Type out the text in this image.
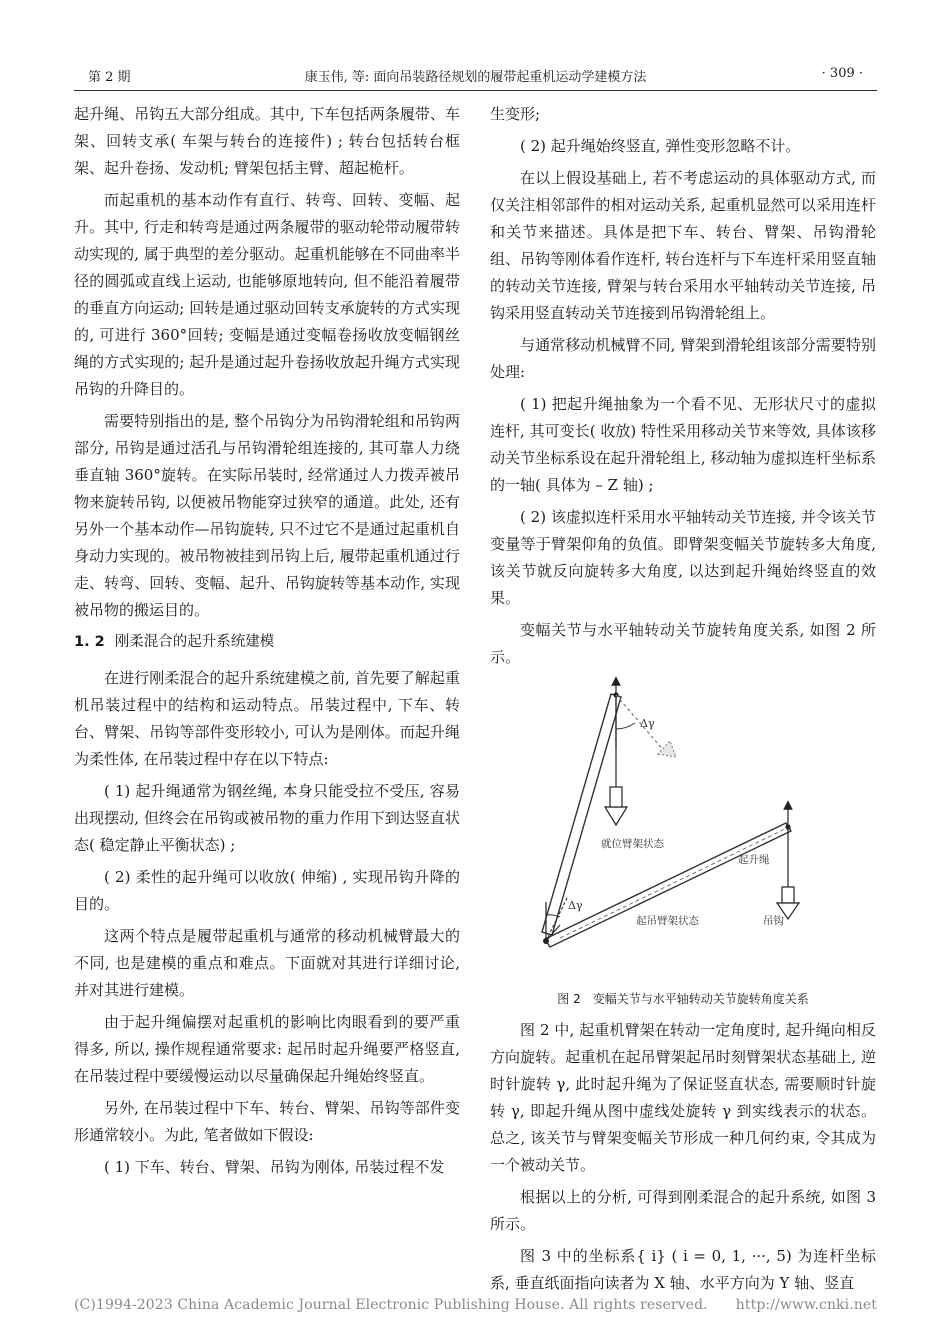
第 2 期	康玉伟, 等: 面向吊装路径规划的履带起重机运动学建模方法	· 309 ·

起升绳、吊钩五大部分组成。其中, 下车包括两条履带、车架、回转支承( 车架与转台的连接件) ; 转台包括转台框架、起升卷扬、发动机; 臂架包括主臂、超起桅杆。

而起重机的基本动作有直行、转弯、回转、变幅、起升。其中, 行走和转弯是通过两条履带的驱动轮带动履带转动实现的, 属于典型的差分驱动。起重机能够在不同曲率半径的圆弧或直线上运动, 也能够原地转向, 但不能沿着履带的垂直方向运动; 回转是通过驱动回转支承旋转的方式实现的, 可进行 360°回转; 变幅是通过变幅卷扬收放变幅钢丝绳的方式实现的; 起升是通过起升卷扬收放起升绳方式实现吊钩的升降目的。

需要特别指出的是, 整个吊钩分为吊钩滑轮组和吊钩两部分, 吊钩是通过活孔与吊钩滑轮组连接的, 其可靠人力绕垂直轴 360°旋转。在实际吊装时, 经常通过人力拨弄被吊物来旋转吊钩, 以便被吊物能穿过狭窄的通道。此处, 还有另外一个基本动作—吊钩旋转, 只不过它不是通过起重机自身动力实现的。被吊物被挂到吊钩上后, 履带起重机通过行走、转弯、回转、变幅、起升、吊钩旋转等基本动作, 实现被吊物的搬运目的。

1. 2 刚柔混合的起升系统建模

在进行刚柔混合的起升系统建模之前, 首先要了解起重机吊装过程中的结构和运动特点。吊装过程中, 下车、转台、臂架、吊钩等部件变形较小, 可认为是刚体。而起升绳为柔性体, 在吊装过程中存在以下特点:

( 1) 起升绳通常为钢丝绳, 本身只能受拉不受压, 容易出现摆动, 但终会在吊钩或被吊物的重力作用下到达竖直状态( 稳定静止平衡状态) ;

( 2) 柔性的起升绳可以收放( 伸缩) , 实现吊钩升降的目的。

这两个特点是履带起重机与通常的移动机械臂最大的不同, 也是建模的重点和难点。下面就对其进行详细讨论, 并对其进行建模。

由于起升绳偏摆对起重机的影响比肉眼看到的要严重得多, 所以, 操作规程通常要求: 起吊时起升绳要严格竖直, 在吊装过程中要缓慢运动以尽量确保起升绳始终竖直。

另外, 在吊装过程中下车、转台、臂架、吊钩等部件变形通常较小。为此, 笔者做如下假设:

( 1) 下车、转台、臂架、吊钩为刚体, 吊装过程不发

生变形;

( 2) 起升绳始终竖直, 弹性变形忽略不计。

在以上假设基础上, 若不考虑运动的具体驱动方式, 而仅关注相邻部件的相对运动关系, 起重机显然可以采用连杆和关节来描述。具体是把下车、转台、臂架、吊钩滑轮组、吊钩等刚体看作连杆, 转台连杆与下车连杆采用竖直轴的转动关节连接, 臂架与转台采用水平轴转动关节连接, 吊钩采用竖直转动关节连接到吊钩滑轮组上。

与通常移动机械臂不同, 臂架到滑轮组该部分需要特别处理:

( 1) 把起升绳抽象为一个看不见、无形状尺寸的虚拟连杆, 其可变长( 收放) 特性采用移动关节来等效, 具体该移动关节坐标系设在起升滑轮组上, 移动轴为虚拟连杆坐标系的一轴( 具体为 – Z 轴) ;

( 2) 该虚拟连杆采用水平轴转动关节连接, 并令该关节变量等于臂架仰角的负值。即臂架变幅关节旋转多大角度, 该关节就反向旋转多大角度, 以达到起升绳始终竖直的效果。

变幅关节与水平轴转动关节旋转角度关系, 如图 2 所示。

Δγ
Δγ
就位臂架状态
起升绳
起吊臂架状态	吊钩
图 2 变幅关节与水平轴转动关节旋转角度关系

图 2 中, 起重机臂架在转动一定角度时, 起升绳向相反方向旋转。起重机在起吊臂架起吊时刻臂架状态基础上, 逆时针旋转 γ, 此时起升绳为了保证竖直状态, 需要顺时针旋转 γ, 即起升绳从图中虚线处旋转 γ 到实线表示的状态。总之, 该关节与臂架变幅关节形成一种几何约束, 令其成为一个被动关节。

根据以上的分析, 可得到刚柔混合的起升系统, 如图 3 所示。

图 3 中的坐标系{ i} ( i = 0, 1, ···, 5) 为连杆坐标系, 垂直纸面指向读者为 X 轴、水平方向为 Y 轴、竖直

(C)1994-2023 China Academic Journal Electronic Publishing House. All rights reserved. http://www.cnki.net
